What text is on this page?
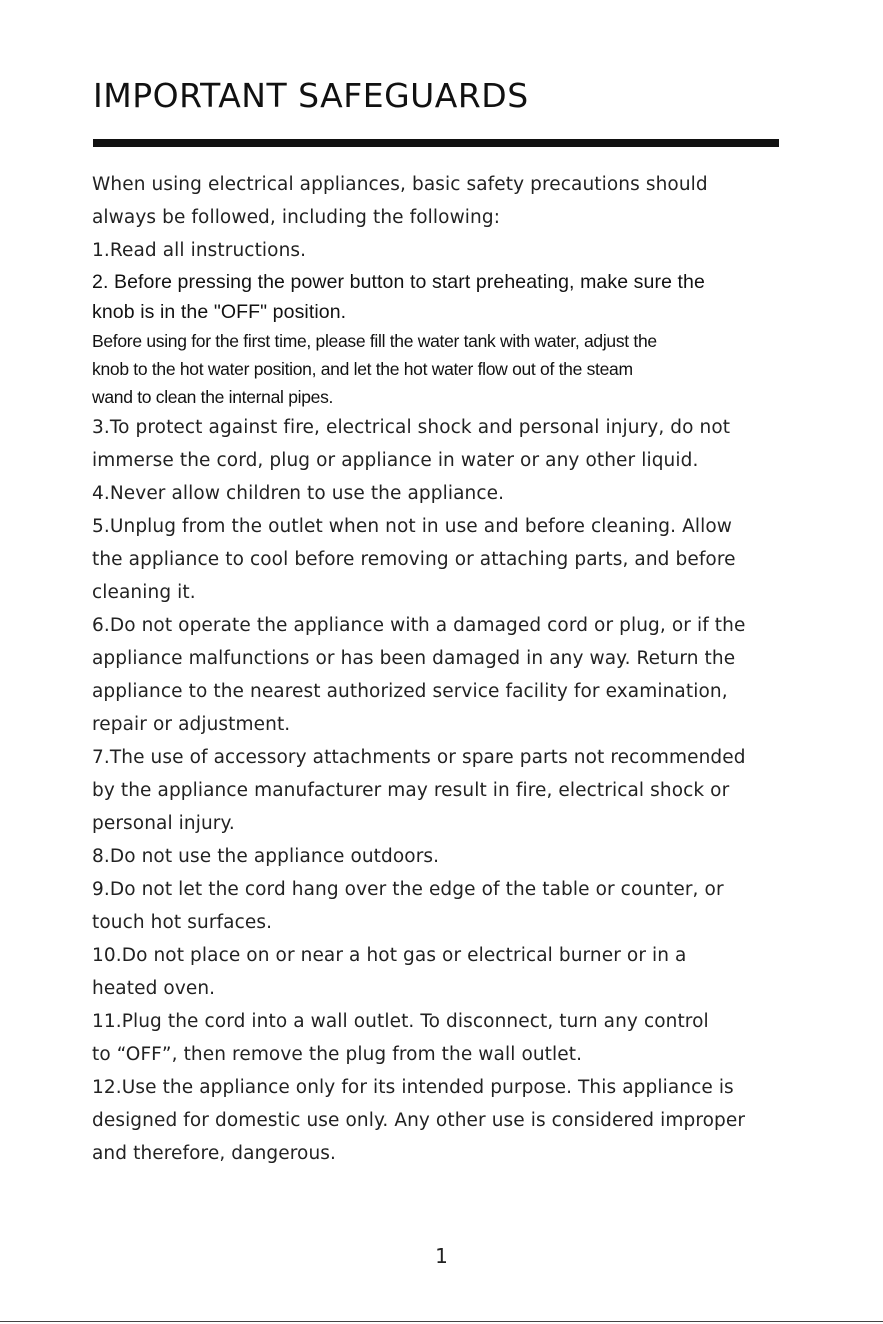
IMPORTANT SAFEGUARDS
When using electrical appliances, basic safety precautions should
always be followed, including the following:
1.Read all instructions.
2. Before pressing the power button to start preheating, make sure the
knob is in the "OFF" position.
Before using for the first time, please fill the water tank with water, adjust the
knob to the hot water position, and let the hot water flow out of the steam
wand to clean the internal pipes.
3.To protect against fire, electrical shock and personal injury, do not
immerse the cord, plug or appliance in water or any other liquid.
4.Never allow children to use the appliance.
5.Unplug from the outlet when not in use and before cleaning. Allow
the appliance to cool before removing or attaching parts, and before
cleaning it.
6.Do not operate the appliance with a damaged cord or plug, or if the
appliance malfunctions or has been damaged in any way. Return the
appliance to the nearest authorized service facility for examination,
repair or adjustment.
7.The use of accessory attachments or spare parts not recommended
by the appliance manufacturer may result in fire, electrical shock or
personal injury.
8.Do not use the appliance outdoors.
9.Do not let the cord hang over the edge of the table or counter, or
touch hot surfaces.
10.Do not place on or near a hot gas or electrical burner or in a
heated oven.
11.Plug the cord into a wall outlet. To disconnect, turn any control
to “OFF”, then remove the plug from the wall outlet.
12.Use the appliance only for its intended purpose. This appliance is
designed for domestic use only. Any other use is considered improper
and therefore, dangerous.
1
